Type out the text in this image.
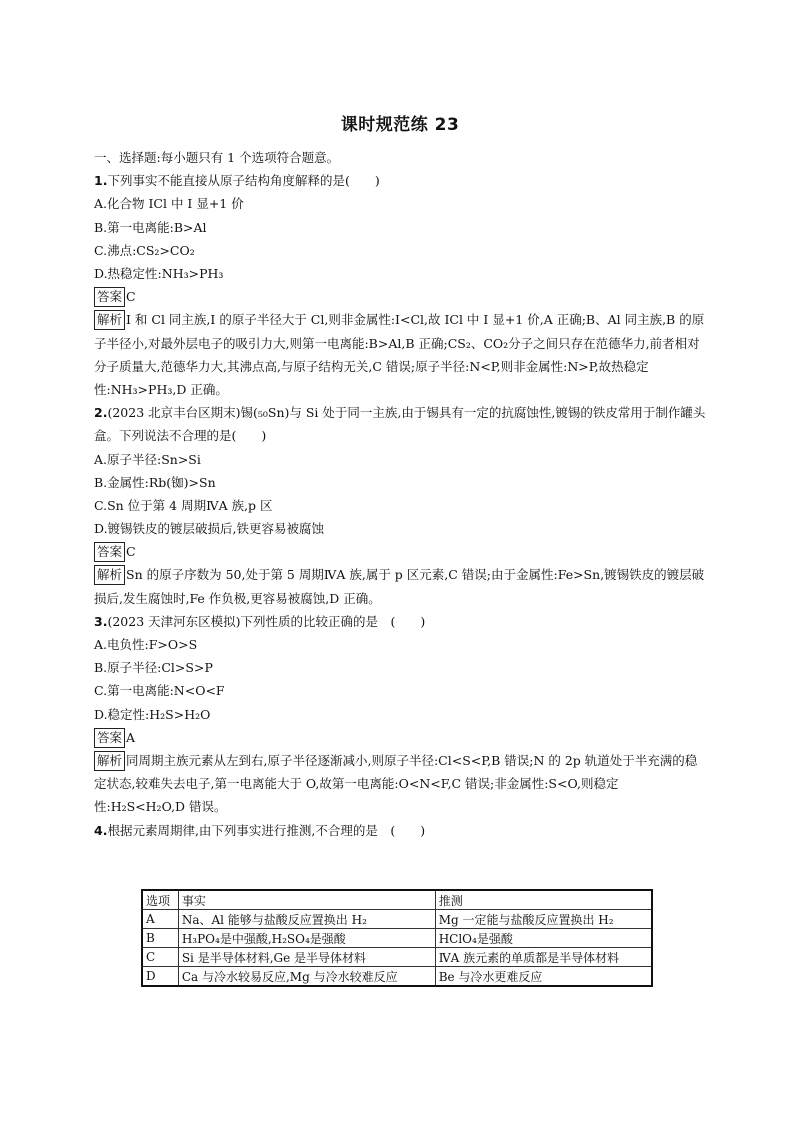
课时规范练 23
一、选择题:每小题只有 1 个选项符合题意。
1.下列事实不能直接从原子结构角度解释的是(　　)
A.化合物 ICl 中 I 显+1 价
B.第一电离能:B>Al
C.沸点:CS₂>CO₂
D.热稳定性:NH₃>PH₃
答案 C
解析 I 和 Cl 同主族,I 的原子半径大于 Cl,则非金属性:I<Cl,故 ICl 中 I 显+1 价,A 正确;B、Al 同主族,B 的原子半径小,对最外层电子的吸引力大,则第一电离能:B>Al,B 正确;CS₂、CO₂分子之间只存在范德华力,前者相对分子质量大,范德华力大,其沸点高,与原子结构无关,C 错误;原子半径:N<P,则非金属性:N>P,故热稳定性:NH₃>PH₃,D 正确。
2.(2023 北京丰台区期末)锡(₅₀Sn)与 Si 处于同一主族,由于锡具有一定的抗腐蚀性,镀锡的铁皮常用于制作罐头盒。下列说法不合理的是(　　)
A.原子半径:Sn>Si
B.金属性:Rb(铷)>Sn
C.Sn 位于第 4 周期ⅣA 族,p 区
D.镀锡铁皮的镀层破损后,铁更容易被腐蚀
答案 C
解析 Sn 的原子序数为 50,处于第 5 周期ⅣA 族,属于 p 区元素,C 错误;由于金属性:Fe>Sn,镀锡铁皮的镀层破损后,发生腐蚀时,Fe 作负极,更容易被腐蚀,D 正确。
3.(2023 天津河东区模拟)下列性质的比较正确的是　(　　)
A.电负性:F>O>S
B.原子半径:Cl>S>P
C.第一电离能:N<O<F
D.稳定性:H₂S>H₂O
答案 A
解析 同周期主族元素从左到右,原子半径逐渐减小,则原子半径:Cl<S<P,B 错误;N 的 2p 轨道处于半充满的稳定状态,较难失去电子,第一电离能大于 O,故第一电离能:O<N<F,C 错误;非金属性:S<O,则稳定性:H₂S<H₂O,D 错误。
4.根据元素周期律,由下列事实进行推测,不合理的是　(　　)
选项	事实	推测
A	Na、Al 能够与盐酸反应置换出 H₂	Mg 一定能与盐酸反应置换出 H₂
B	H₃PO₄是中强酸,H₂SO₄是强酸	HClO₄是强酸
C	Si 是半导体材料,Ge 是半导体材料	ⅣA 族元素的单质都是半导体材料
D	Ca 与冷水较易反应,Mg 与冷水较难反应	Be 与冷水更难反应
